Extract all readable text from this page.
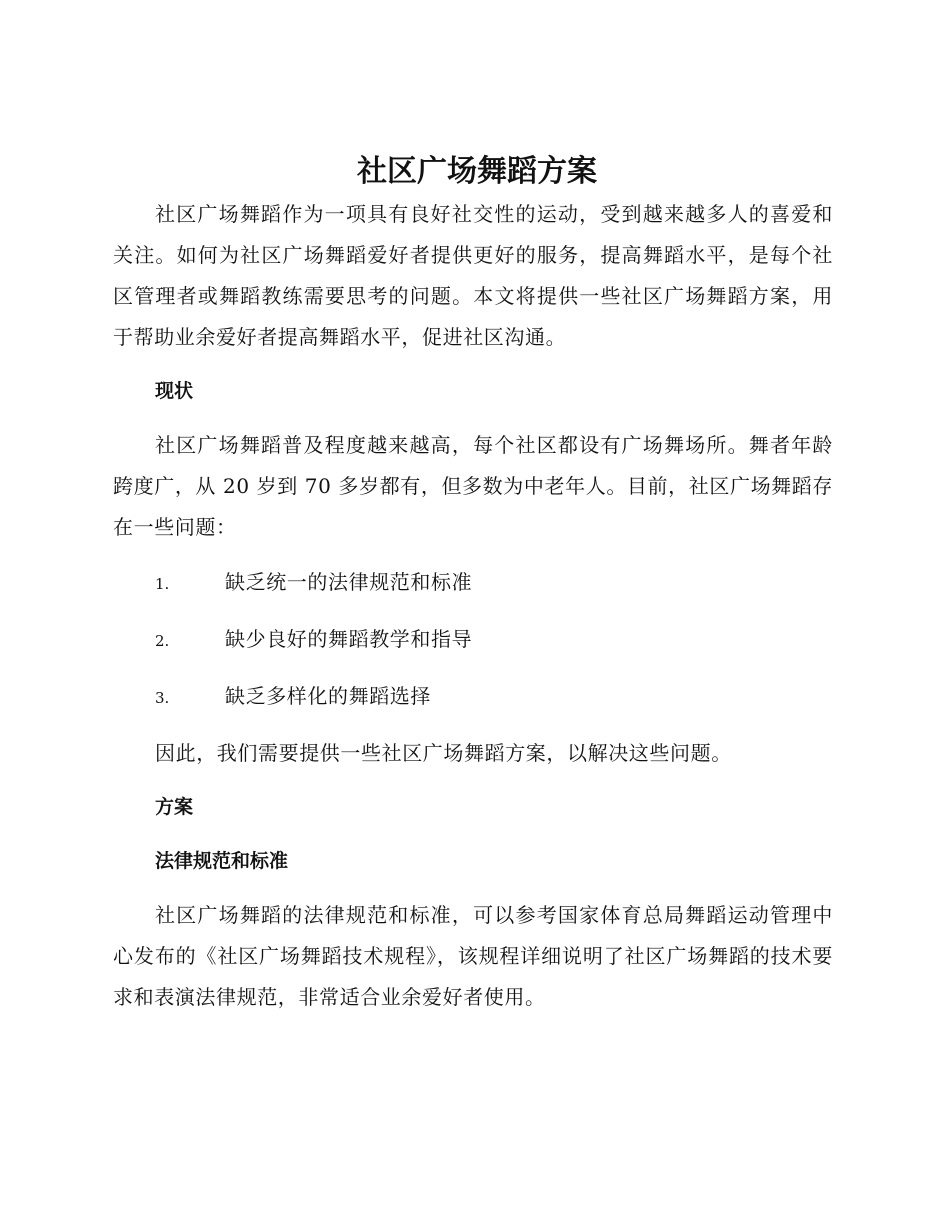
社区广场舞蹈方案

社区广场舞蹈作为一项具有良好社交性的运动，受到越来越多人的喜爱和关注。如何为社区广场舞蹈爱好者提供更好的服务，提高舞蹈水平，是每个社区管理者或舞蹈教练需要思考的问题。本文将提供一些社区广场舞蹈方案，用于帮助业余爱好者提高舞蹈水平，促进社区沟通。

现状

社区广场舞蹈普及程度越来越高，每个社区都设有广场舞场所。舞者年龄跨度广，从 20 岁到 70 多岁都有，但多数为中老年人。目前，社区广场舞蹈存在一些问题：

1.	缺乏统一的法律规范和标准
2.	缺少良好的舞蹈教学和指导
3.	缺乏多样化的舞蹈选择

因此，我们需要提供一些社区广场舞蹈方案，以解决这些问题。

方案

法律规范和标准

社区广场舞蹈的法律规范和标准，可以参考国家体育总局舞蹈运动管理中心发布的《社区广场舞蹈技术规程》，该规程详细说明了社区广场舞蹈的技术要求和表演法律规范，非常适合业余爱好者使用。
